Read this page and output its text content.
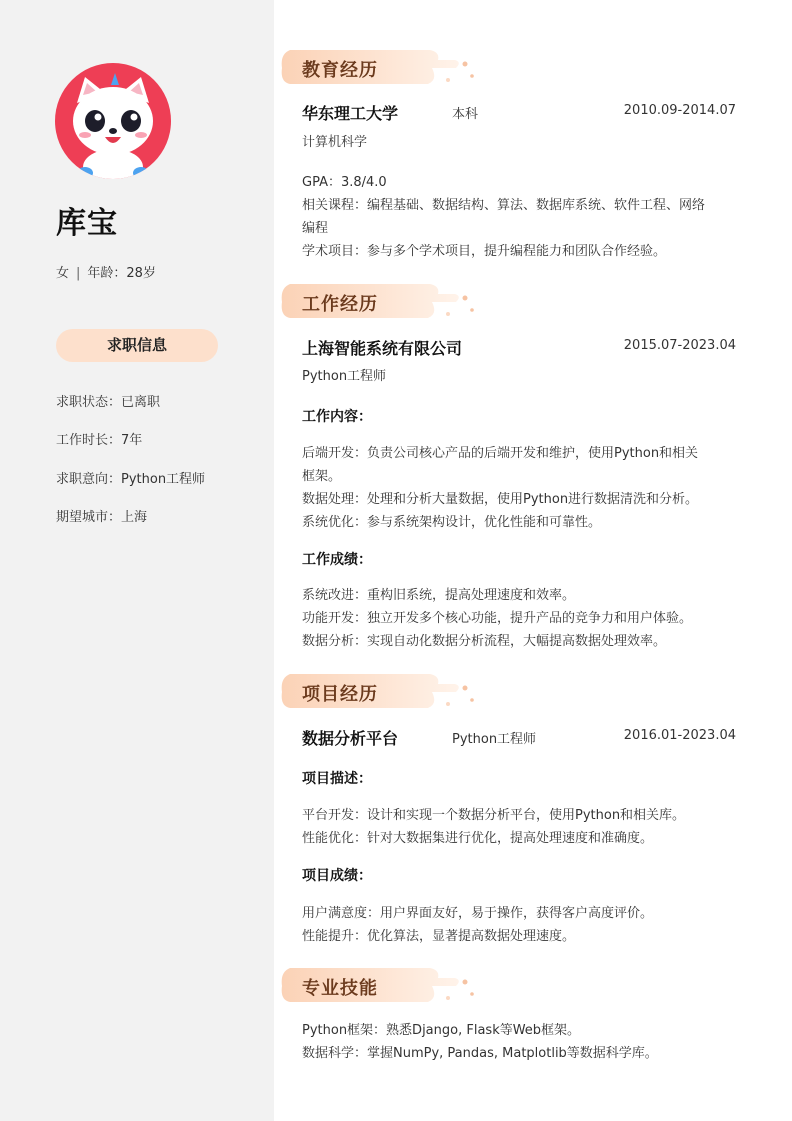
库宝
女 | 年龄：28岁
求职信息
求职状态：已离职
工作时长：7年
求职意向：Python工程师
期望城市：上海
教育经历
华东理工大学	本科	2010.09-2014.07
计算机科学
GPA：3.8/4.0
相关课程：编程基础、数据结构、算法、数据库系统、软件工程、网络
编程
学术项目：参与多个学术项目，提升编程能力和团队合作经验。
工作经历
上海智能系统有限公司	2015.07-2023.04
Python工程师
工作内容：
后端开发：负责公司核心产品的后端开发和维护，使用Python和相关
框架。
数据处理：处理和分析大量数据，使用Python进行数据清洗和分析。
系统优化：参与系统架构设计，优化性能和可靠性。
工作成绩：
系统改进：重构旧系统，提高处理速度和效率。
功能开发：独立开发多个核心功能，提升产品的竞争力和用户体验。
数据分析：实现自动化数据分析流程，大幅提高数据处理效率。
项目经历
数据分析平台	Python工程师	2016.01-2023.04
项目描述：
平台开发：设计和实现一个数据分析平台，使用Python和相关库。
性能优化：针对大数据集进行优化，提高处理速度和准确度。
项目成绩：
用户满意度：用户界面友好，易于操作，获得客户高度评价。
性能提升：优化算法，显著提高数据处理速度。
专业技能
Python框架：熟悉Django, Flask等Web框架。
数据科学：掌握NumPy, Pandas, Matplotlib等数据科学库。
